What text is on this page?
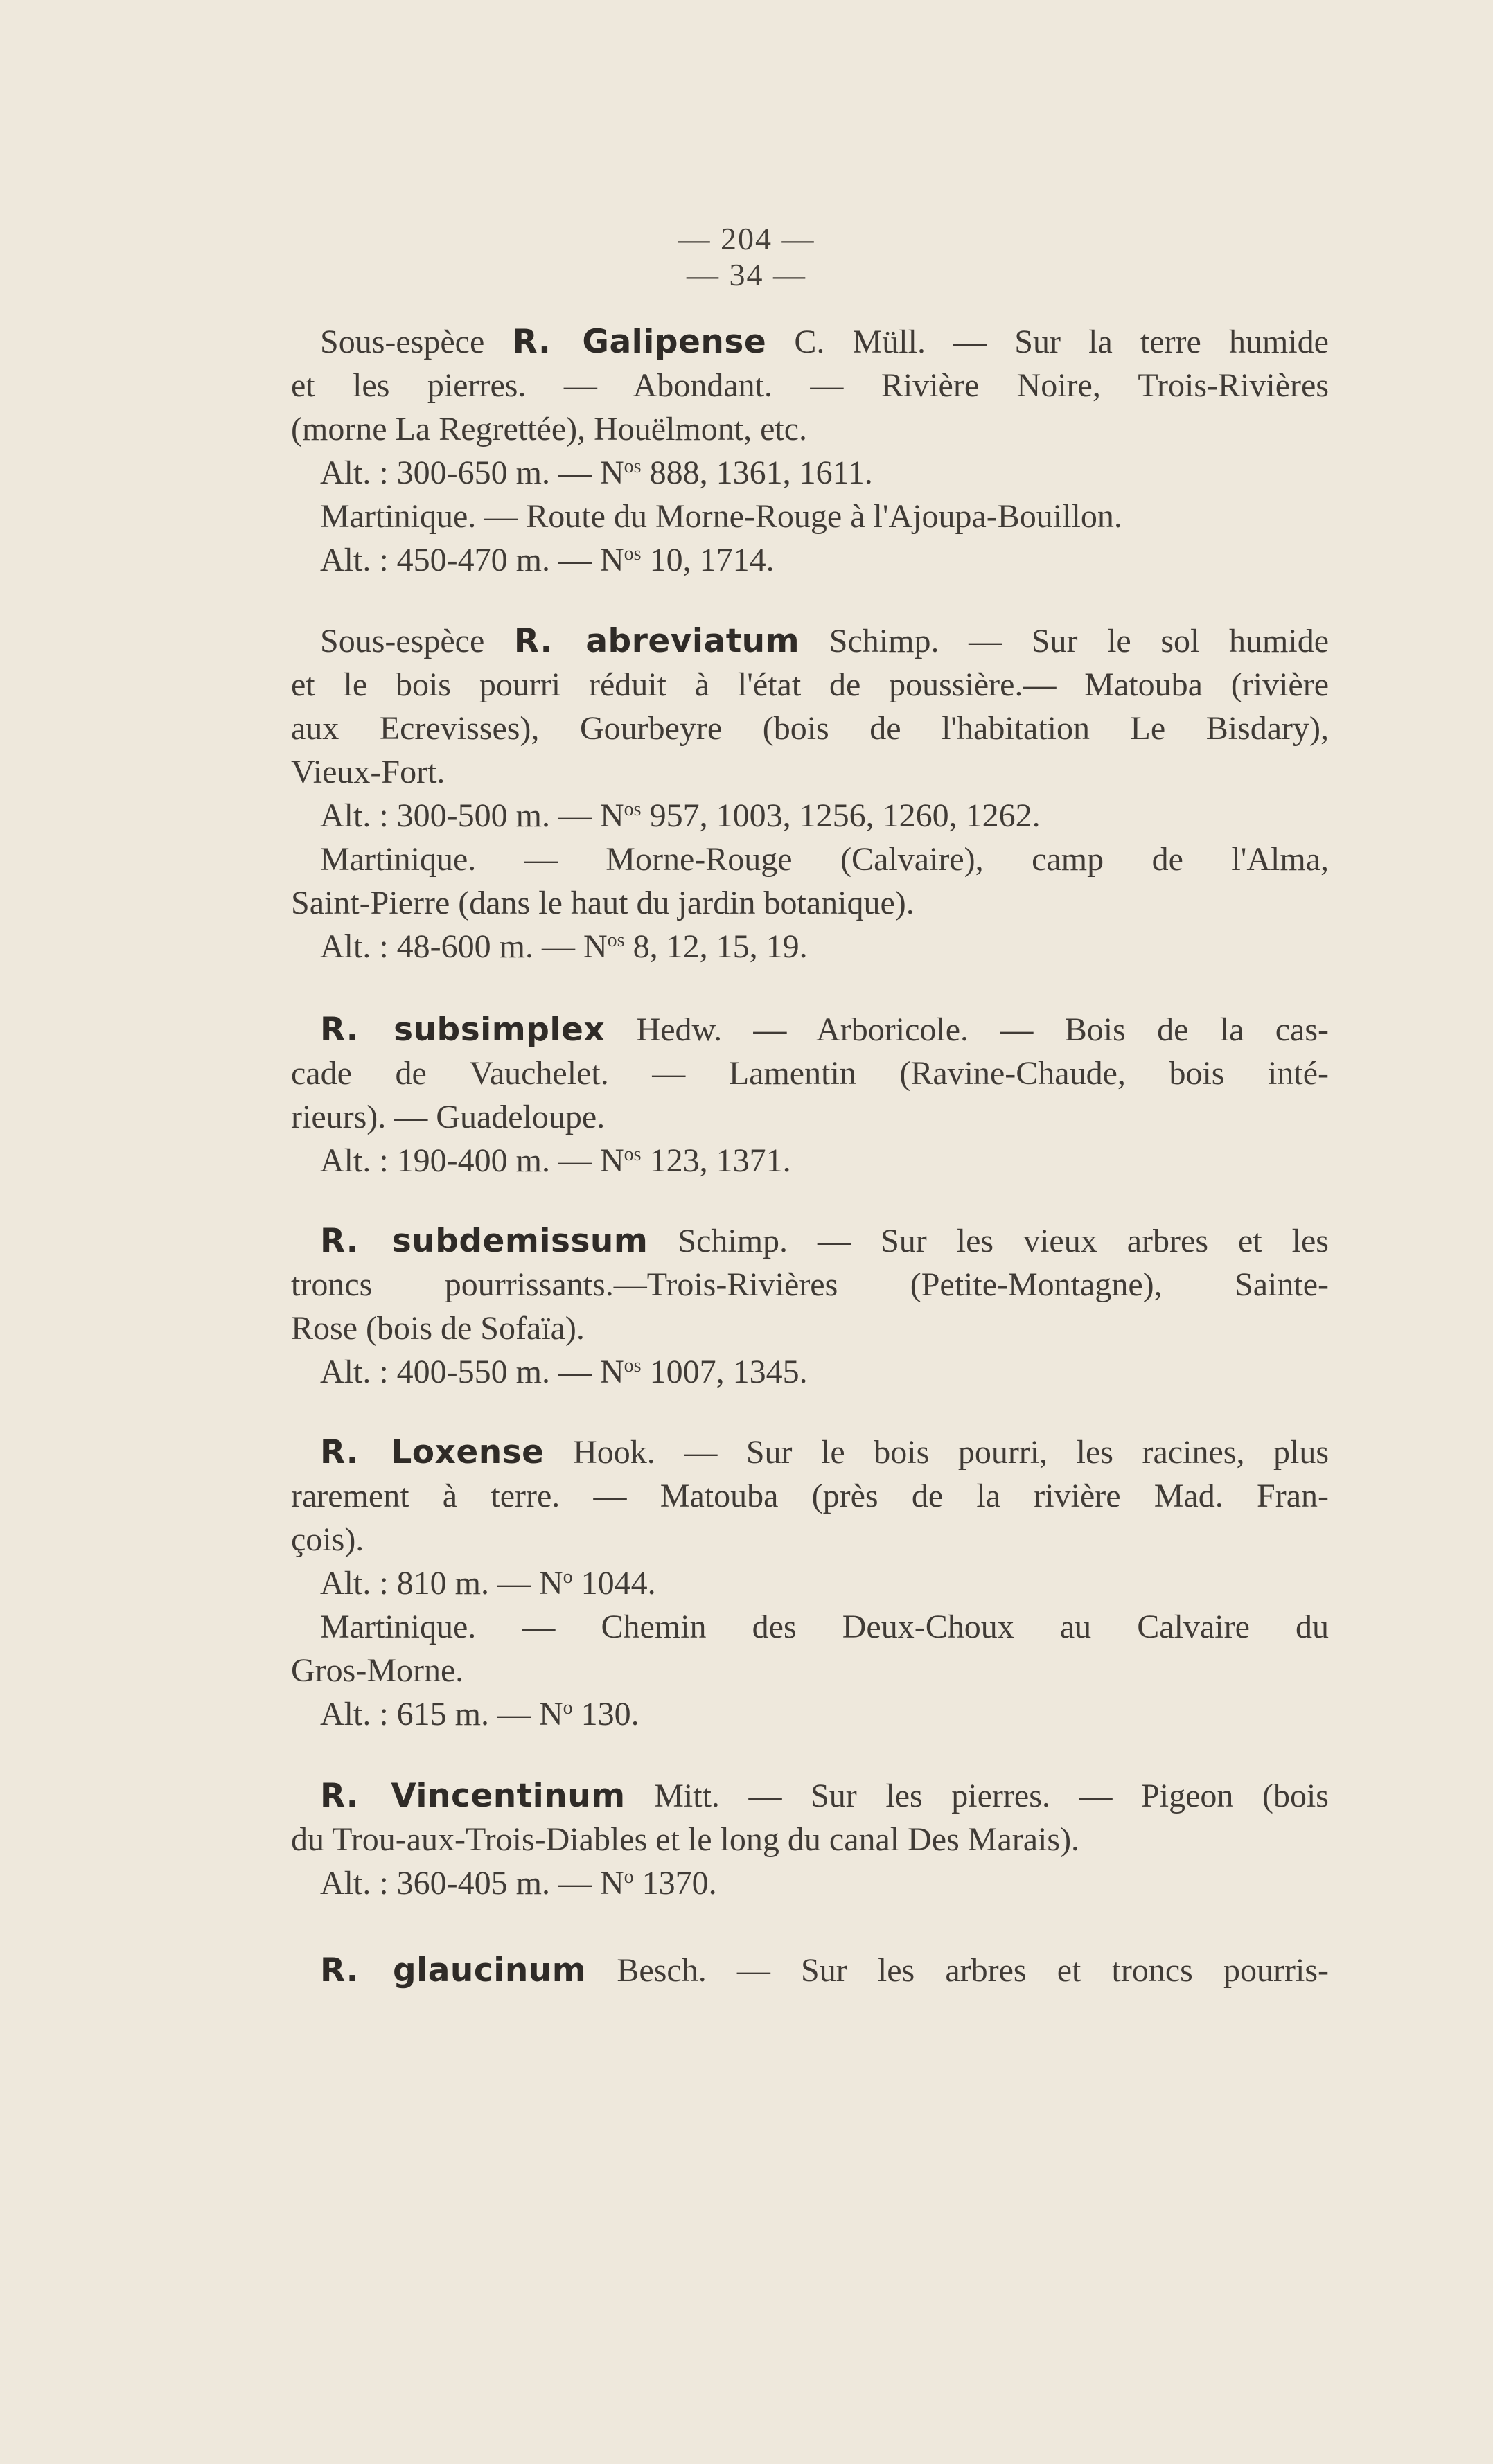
— 204 —
— 34 —
Sous-espèce R. Galipense C. Müll. — Sur la terre humide
et les pierres. — Abondant. — Rivière Noire, Trois-Rivières
(morne La Regrettée), Houëlmont, etc.
Alt. : 300-650 m. — $N^{os}$ 888, 1361, 1611.
Martinique. — Route du Morne-Rouge à l'Ajoupa-Bouillon.
Alt. : 450-470 m. — $N^{os}$ 10, 1714.
Sous-espèce R. abreviatum Schimp. — Sur le sol humide
et le bois pourri réduit à l'état de poussière.— Matouba (rivière
aux Ecrevisses), Gourbeyre (bois de l'habitation Le Bisdary),
Vieux-Fort.
Alt. : 300-500 m. — $N^{os}$ 957, 1003, 1256, 1260, 1262.
Martinique. — Morne-Rouge (Calvaire), camp de l'Alma,
Saint-Pierre (dans le haut du jardin botanique).
Alt. : 48-600 m. — $N^{os}$ 8, 12, 15, 19.
R. subsimplex Hedw. — Arboricole. — Bois de la cas-
cade de Vauchelet. — Lamentin (Ravine-Chaude, bois inté-
rieurs). — Guadeloupe.
Alt. : 190-400 m. — $N^{os}$ 123, 1371.
R. subdemissum Schimp. — Sur les vieux arbres et les
troncs pourrissants.—Trois-Rivières (Petite-Montagne), Sainte-
Rose (bois de Sofaïa).
Alt. : 400-550 m. — $N^{os}$ 1007, 1345.
R. Loxense Hook. — Sur le bois pourri, les racines, plus
rarement à terre. — Matouba (près de la rivière Mad. Fran-
çois).
Alt. : 810 m. — $N^o$ 1044.
Martinique. — Chemin des Deux-Choux au Calvaire du
Gros-Morne.
Alt. : 615 m. — $N^o$ 130.
R. Vincentinum Mitt. — Sur les pierres. — Pigeon (bois
du Trou-aux-Trois-Diables et le long du canal Des Marais).
Alt. : 360-405 m. — $N^o$ 1370.
R. glaucinum Besch. — Sur les arbres et troncs pourris-
